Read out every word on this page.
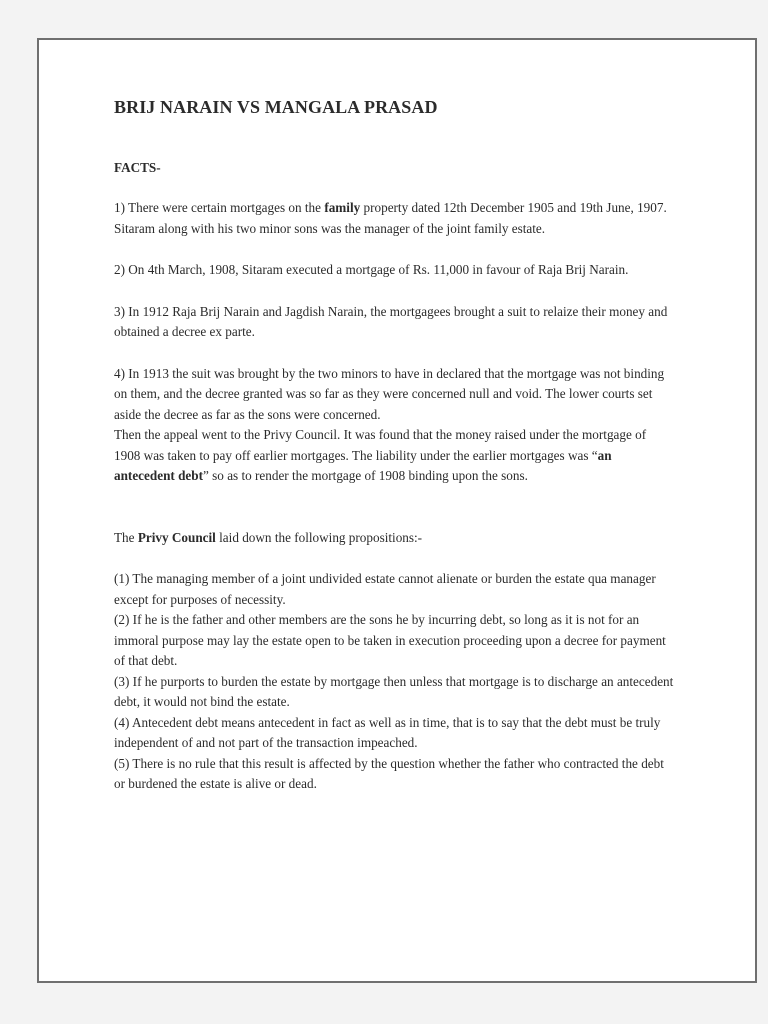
BRIJ NARAIN VS MANGALA PRASAD
FACTS-

1) There were certain mortgages on the family property dated 12th December 1905 and 19th June, 1907. Sitaram along with his two minor sons was the manager of the joint family estate.

2) On 4th March, 1908, Sitaram executed a mortgage of Rs. 11,000 in favour of Raja Brij Narain.

3) In 1912 Raja Brij Narain and Jagdish Narain, the mortgagees brought a suit to relaize their money and obtained a decree ex parte.

4) In 1913 the suit was brought by the two minors to have in declared that the mortgage was not binding on them, and the decree granted was so far as they were concerned null and void. The lower courts set aside the decree as far as the sons were concerned.
Then the appeal went to the Privy Council. It was found that the money raised under the mortgage of 1908 was taken to pay off earlier mortgages. The liability under the earlier mortgages was “an antecedent debt” so as to render the mortgage of 1908 binding upon the sons.

The Privy Council laid down the following propositions:-

(1) The managing member of a joint undivided estate cannot alienate or burden the estate qua manager except for purposes of necessity.

(2) If he is the father and other members are the sons he by incurring debt, so long as it is not for an immoral purpose may lay the estate open to be taken in execution proceeding upon a decree for payment of that debt.

(3) If he purports to burden the estate by mortgage then unless that mortgage is to discharge an antecedent debt, it would not bind the estate.

(4) Antecedent debt means antecedent in fact as well as in time, that is to say that the debt must be truly independent of and not part of the transaction impeached.

(5) There is no rule that this result is affected by the question whether the father who contracted the debt or burdened the estate is alive or dead.
